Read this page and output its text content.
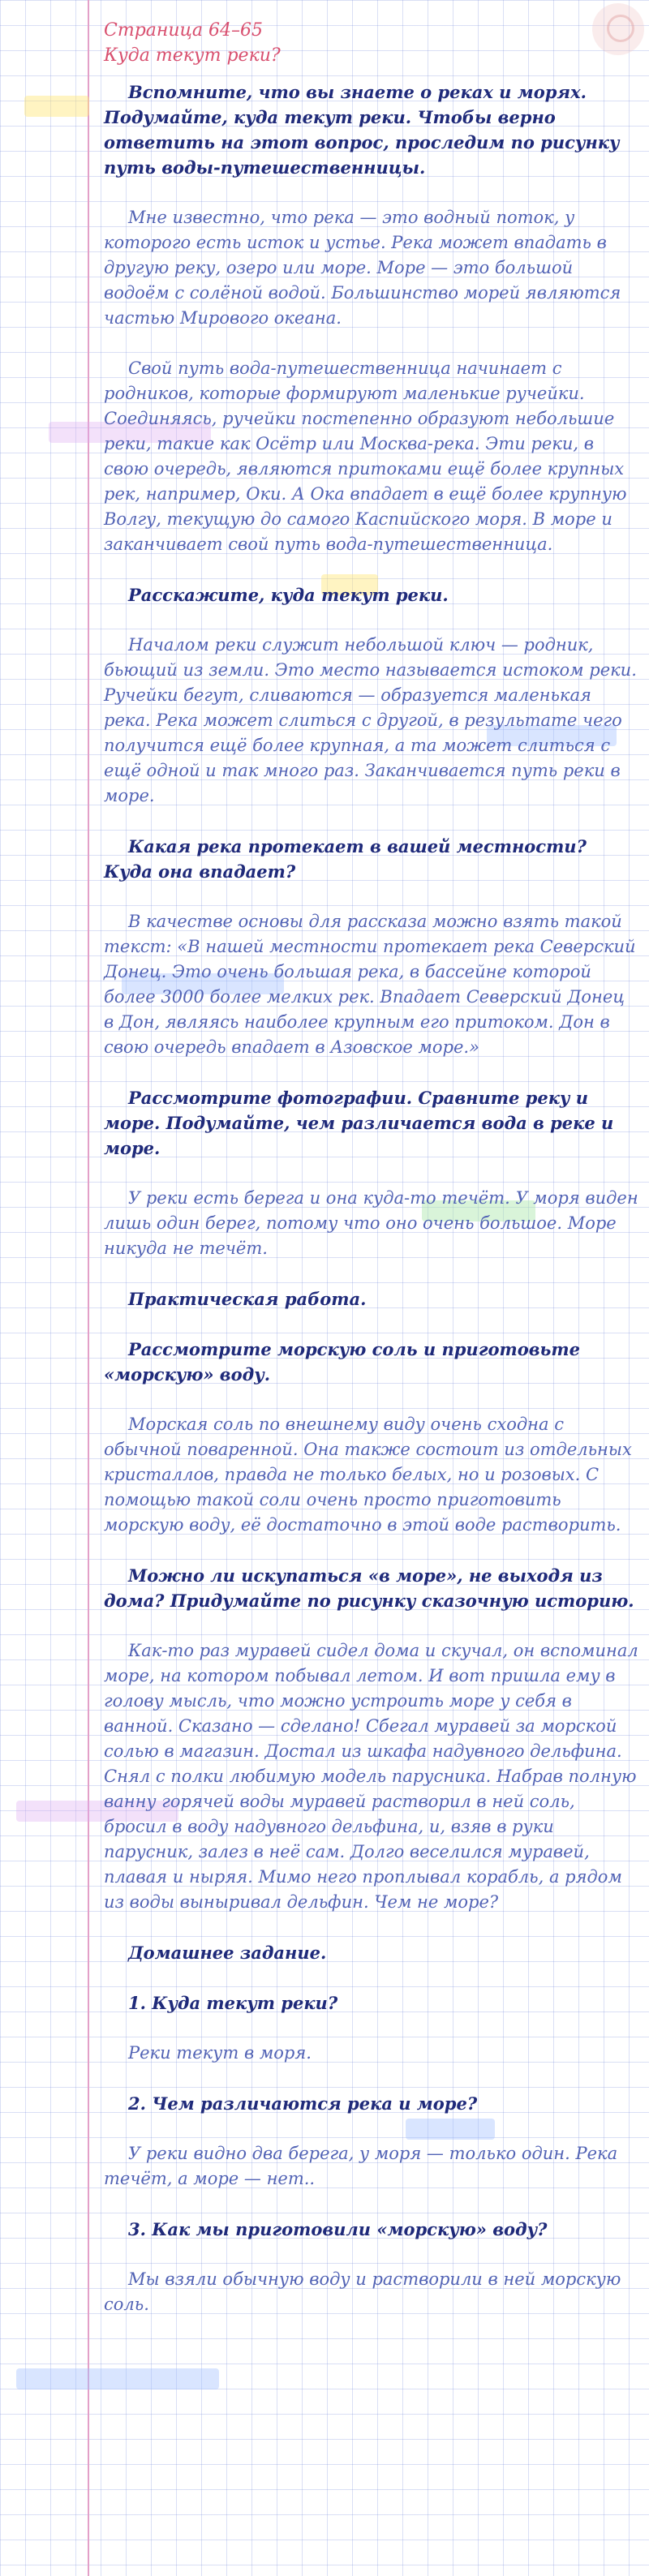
Страница 64–65
Куда текут реки?
Вспомните, что вы знаете о реках и морях. Подумайте, куда текут реки. Чтобы верно ответить на этот вопрос, проследим по рисунку путь воды-путешественницы.
Мне известно, что река — это водный поток, у которого есть исток и устье. Река может впадать в другую реку, озеро или море. Море — это большой водоём с солёной водой. Большинство морей являются частью Мирового океана.
Свой путь вода-путешественница начинает с родников, которые формируют маленькие ручейки. Соединяясь, ручейки постепенно образуют небольшие реки, такие как Осётр или Москва-река. Эти реки, в свою очередь, являются притоками ещё более крупных рек, например, Оки. А Ока впадает в ещё более крупную Волгу, текущую до самого Каспийского моря. В море и заканчивает свой путь вода-путешественница.
Расскажите, куда текут реки.
Началом реки служит небольшой ключ — родник, бьющий из земли. Это место называется истоком реки. Ручейки бегут, сливаются — образуется маленькая река. Река может слиться с другой, в результате чего получится ещё более крупная, а та может слиться с ещё одной и так много раз. Заканчивается путь реки в море.
Какая река протекает в вашей местности? Куда она впадает?
В качестве основы для рассказа можно взять такой текст: «В нашей местности протекает река Северский Донец. Это очень большая река, в бассейне которой более 3000 более мелких рек. Впадает Северский Донец в Дон, являясь наиболее крупным его притоком. Дон в свою очередь впадает в Азовское море.»
Рассмотрите фотографии. Сравните реку и море. Подумайте, чем различается вода в реке и море.
У реки есть берега и она куда-то течёт. У моря виден лишь один берег, потому что оно очень большое. Море никуда не течёт.
Практическая работа.
Рассмотрите морскую соль и приготовьте «морскую» воду.
Морская соль по внешнему виду очень сходна с обычной поваренной. Она также состоит из отдельных кристаллов, правда не только белых, но и розовых. С помощью такой соли очень просто приготовить морскую воду, её достаточно в этой воде растворить.
Можно ли искупаться «в море», не выходя из дома? Придумайте по рисунку сказочную историю.
Как-то раз муравей сидел дома и скучал, он вспоминал море, на котором побывал летом. И вот пришла ему в голову мысль, что можно устроить море у себя в ванной. Сказано — сделано! Сбегал муравей за морской солью в магазин. Достал из шкафа надувного дельфина. Снял с полки любимую модель парусника. Набрав полную ванну горячей воды муравей растворил в ней соль, бросил в воду надувного дельфина, и, взяв в руки парусник, залез в неё сам. Долго веселился муравей, плавая и ныряя. Мимо него проплывал корабль, а рядом из воды выныривал дельфин. Чем не море?
Домашнее задание.
1. Куда текут реки?
Реки текут в моря.
2. Чем различаются река и море?
У реки видно два берега, у моря — только один. Река течёт, а море — нет..
3. Как мы приготовили «морскую» воду?
Мы взяли обычную воду и растворили в ней морскую соль.
